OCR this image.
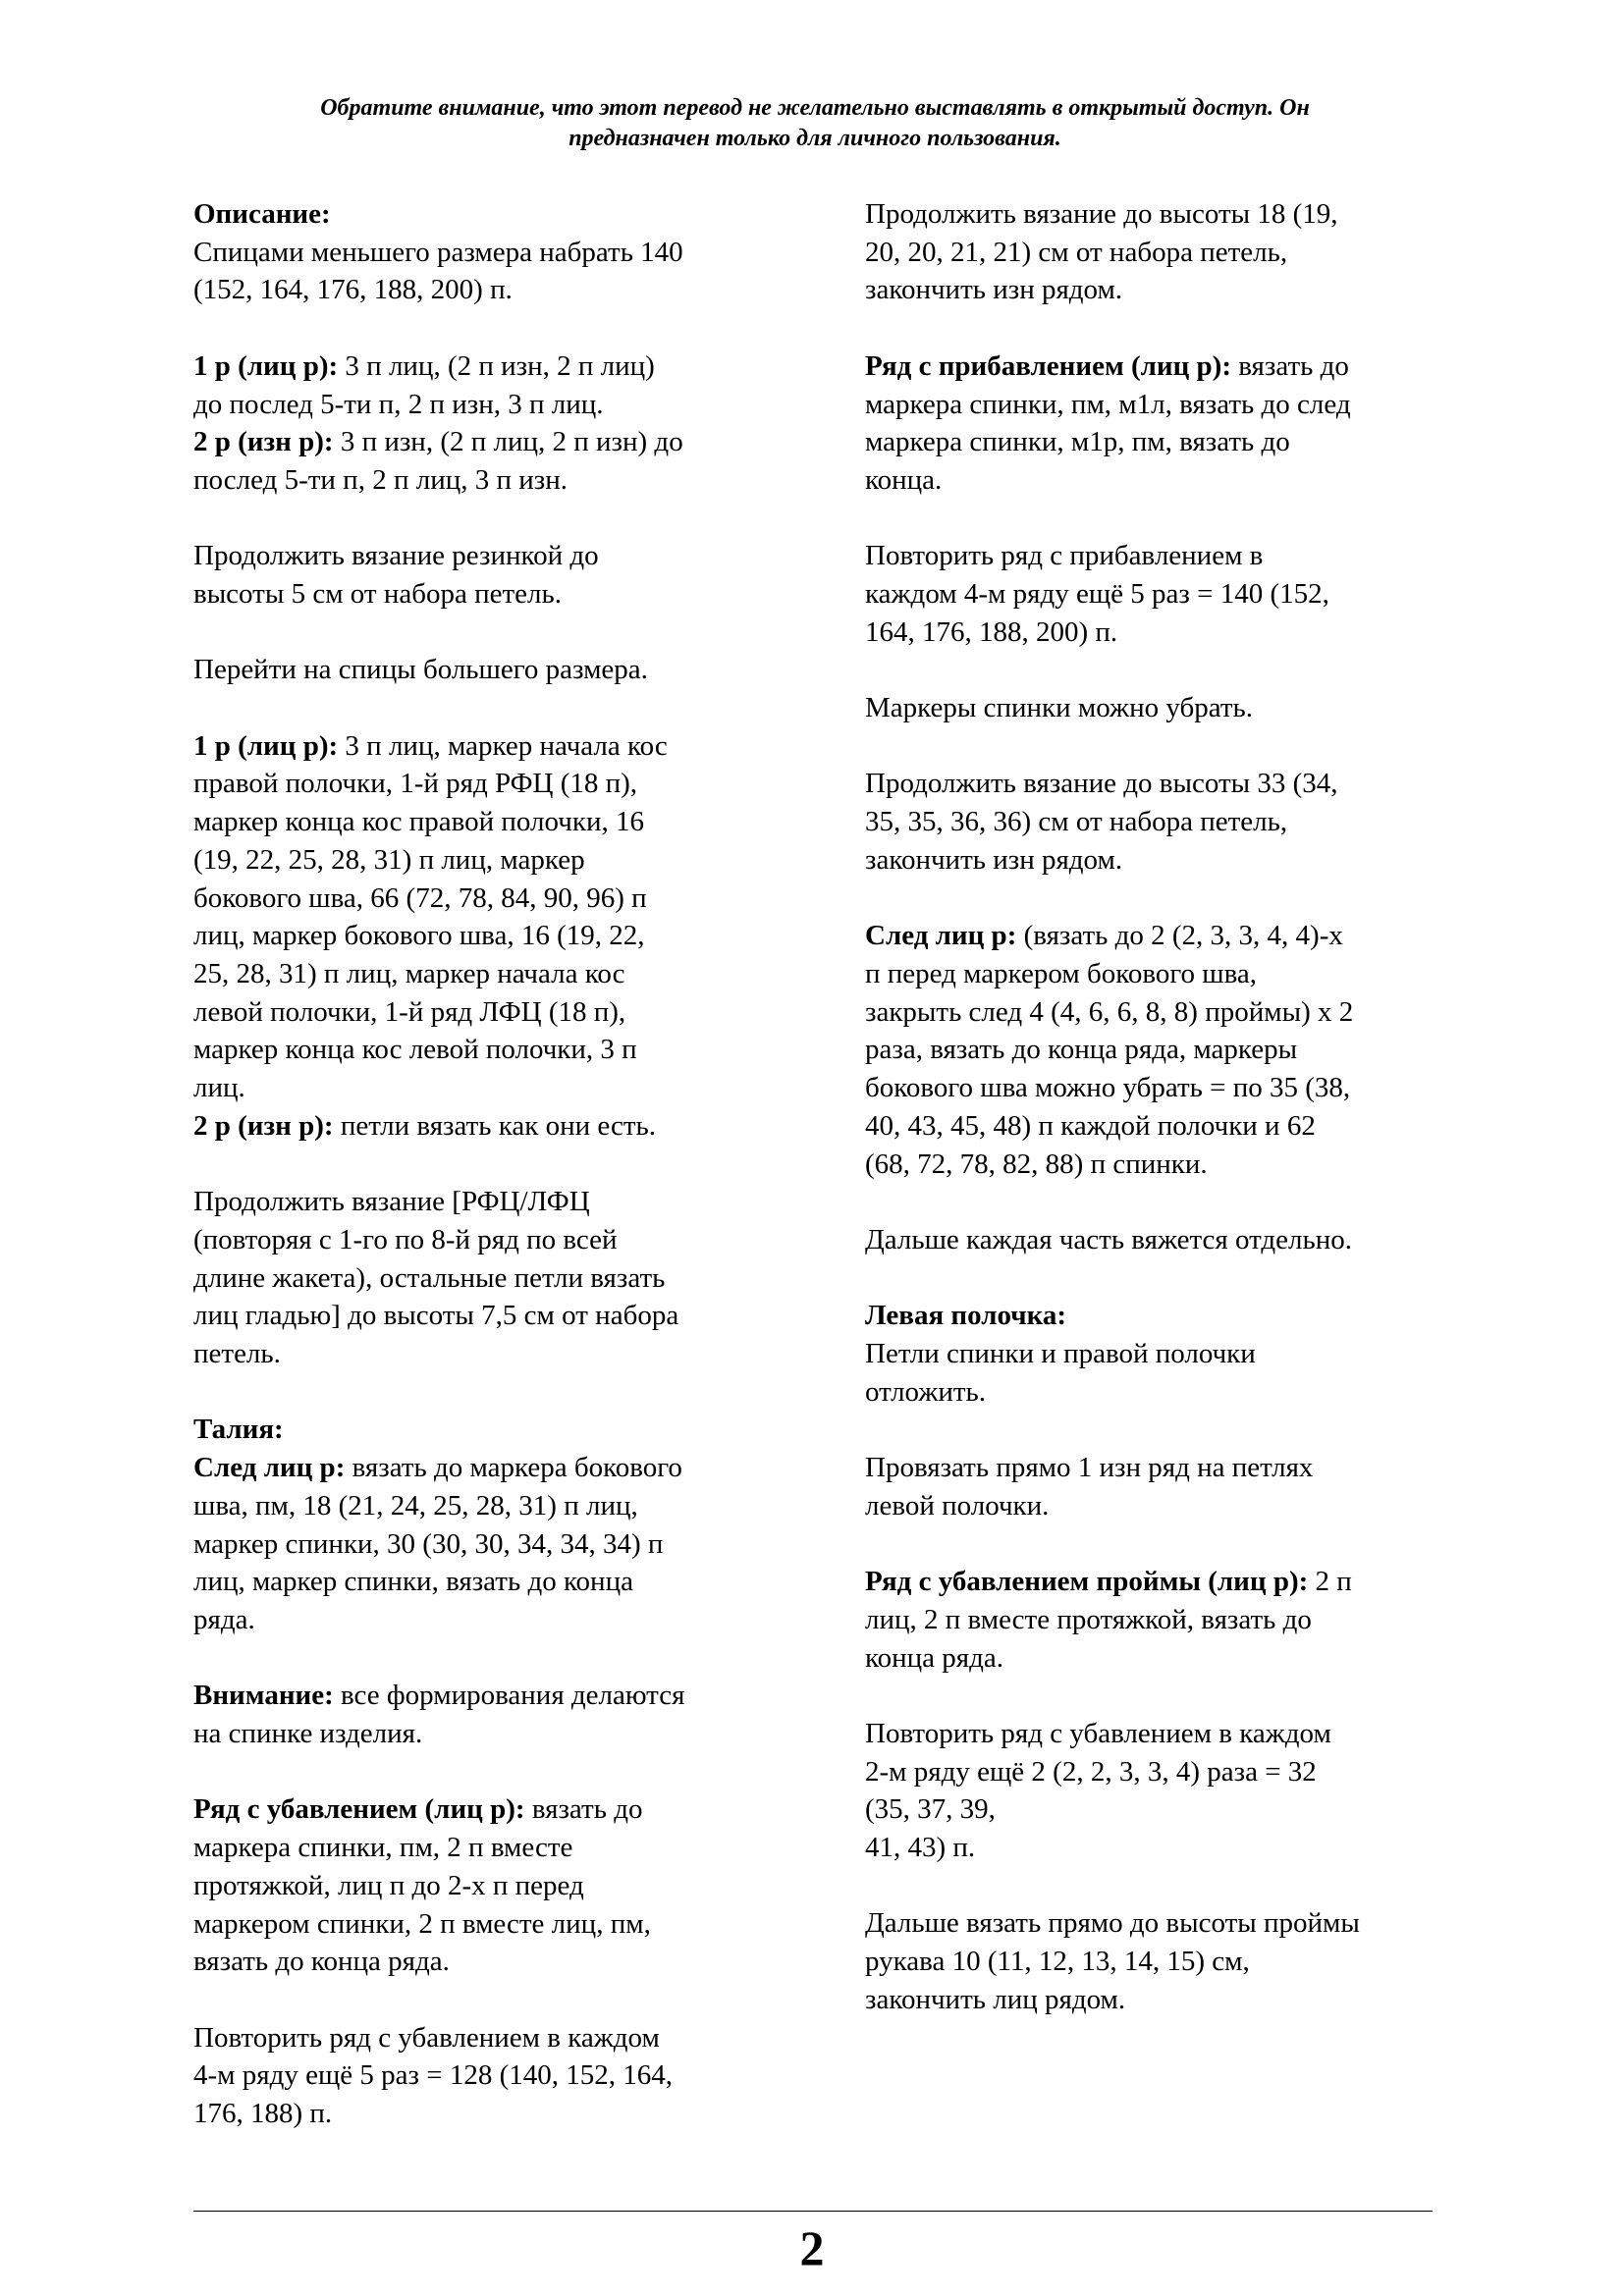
Обратите внимание, что этот перевод не желательно выставлять в открытый доступ. Он
предназначен только для личного пользования.

Описание:

Спицами меньшего размера набрать 140
(152, 164, 176, 188, 200) п.

1 р (лиц р): 3 п лиц, (2 п изн, 2 п лиц)
до послед 5-ти п, 2 п изн, 3 п лиц.

2 р (изн р): 3 п изн, (2 п лиц, 2 п изн) до
послед 5-ти п, 2 п лиц, 3 п изн.

Продолжить вязание резинкой до
высоты 5 см от набора петель.

Перейти на спицы большего размера.

1 р (лиц р): 3 п лиц, маркер начала кос
правой полочки, 1-й ряд РФЦ (18 п),
маркер конца кос правой полочки, 16
(19, 22, 25, 28, 31) п лиц, маркер
бокового шва, 66 (72, 78, 84, 90, 96) п
лиц, маркер бокового шва, 16 (19, 22,
25, 28, 31) п лиц, маркер начала кос
левой полочки, 1-й ряд ЛФЦ (18 п),
маркер конца кос левой полочки, 3 п
лиц.

2 р (изн р): петли вязать как они есть.

Продолжить вязание [РФЦ/ЛФЦ
(повторяя с 1-го по 8-й ряд по всей
длине жакета), остальные петли вязать
лиц гладью] до высоты 7,5 см от набора
петель.

Талия:

След лиц р: вязать до маркера бокового
шва, пм, 18 (21, 24, 25, 28, 31) п лиц,
маркер спинки, 30 (30, 30, 34, 34, 34) п
лиц, маркер спинки, вязать до конца
ряда.

Внимание: все формирования делаются
на спинке изделия.

Ряд с убавлением (лиц р): вязать до
маркера спинки, пм, 2 п вместе
протяжкой, лиц п до 2-х п перед
маркером спинки, 2 п вместе лиц, пм,
вязать до конца ряда.

Повторить ряд с убавлением в каждом
4-м ряду ещё 5 раз = 128 (140, 152, 164,
176, 188) п.

Продолжить вязание до высоты 18 (19,
20, 20, 21, 21) см от набора петель,
закончить изн рядом.

Ряд с прибавлением (лиц р): вязать до
маркера спинки, пм, м1л, вязать до след
маркера спинки, м1р, пм, вязать до
конца.

Повторить ряд с прибавлением в
каждом 4-м ряду ещё 5 раз = 140 (152,
164, 176, 188, 200) п.

Маркеры спинки можно убрать.

Продолжить вязание до высоты 33 (34,
35, 35, 36, 36) см от набора петель,
закончить изн рядом.

След лиц р: (вязать до 2 (2, 3, 3, 4, 4)-х
п перед маркером бокового шва,
закрыть след 4 (4, 6, 6, 8, 8) проймы) х 2
раза, вязать до конца ряда, маркеры
бокового шва можно убрать = по 35 (38,
40, 43, 45, 48) п каждой полочки и 62
(68, 72, 78, 82, 88) п спинки.

Дальше каждая часть вяжется отдельно.

Левая полочка:

Петли спинки и правой полочки
отложить.

Провязать прямо 1 изн ряд на петлях
левой полочки.

Ряд с убавлением проймы (лиц р): 2 п
лиц, 2 п вместе протяжкой, вязать до
конца ряда.

Повторить ряд с убавлением в каждом
2-м ряду ещё 2 (2, 2, 3, 3, 4) раза = 32
(35, 37, 39,
41, 43) п.

Дальше вязать прямо до высоты проймы
рукава 10 (11, 12, 13, 14, 15) см,
закончить лиц рядом.

2
